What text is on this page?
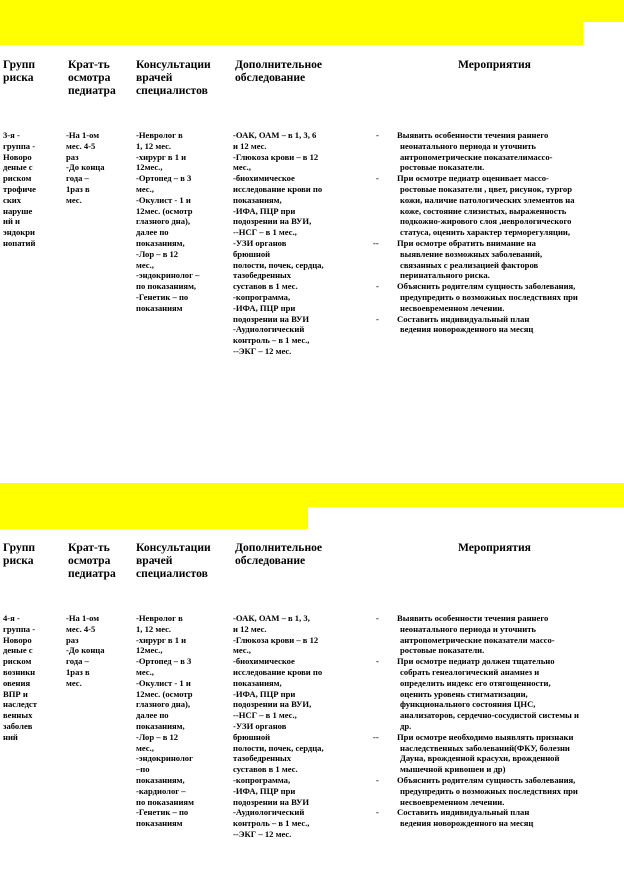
Групп
риска
Крат-ть
осмотра
педиатра
Консультации
врачей
специалистов
Дополнительное
обследование
Мероприятия
3-я -
группа -
Новоро
деные с
риском
трофиче
ских
наруше
ий и
эндокри
нопатий
-На 1-ом
мес. 4-5
раз
-До конца
года –
1раз в
мес.
-Невролог в
1, 12 мес.
-хирург в 1 и
12мес.,
-Ортопед – в 3
мес.,
-Окулист - 1 и
12мес. (осмотр
глазного дна),
далее по
показаниям,
-Лор – в 12
мес.,
-эндокринолог –
по показаниям,
-Генетик – по
показаниям
-ОАК, ОАМ – в 1, 3, 6
и 12 мес.
-Глюкоза крови – в 12
мес.,
-биохимическое
исследование крови по
показаниям,
-ИФА, ПЦР при
подозрении на ВУИ,
--НСГ – в 1 мес.,
-УЗИ органов
брюшной
полости, почек, сердца,
тазобедренных
суставов в 1 мес.
-копрограмма,
-ИФА, ПЦР при
подозрении на ВУИ
-Аудиологический
контроль – в 1 мес.,
--ЭКГ – 12 мес.
Групп
риска
Крат-ть
осмотра
педиатра
Консультации
врачей
специалистов
Дополнительное
обследование
Мероприятия
4-я -
группа -
Новоро
деные с
риском
возникн
овения
ВПР и
наследст
венных
заболев
ний
-На 1-ом
мес. 4-5
раз
-До конца
года –
1раз в
мес.
-Невролог в
1, 12 мес.
-хирург в 1 и
12мес.,
-Ортопед – в 3
мес.,
-Окулист - 1 и
12мес. (осмотр
глазного дна),
далее по
показаниям,
-Лор – в 12
мес.,
-эндокринолог
–по
показаниям,
-кардиолог –
по показаниям
-Генетик – по
показаниям
-ОАК, ОАМ – в 1, 3,
и 12 мес.
-Глюкоза крови – в 12
мес.,
-биохимическое
исследование крови по
показаниям,
-ИФА, ПЦР при
подозрении на ВУИ,
--НСГ – в 1 мес.,
-УЗИ органов
брюшной
полости, почек, сердца,
тазобедренных
суставов в 1 мес.
-копрограмма,
-ИФА, ПЦР при
подозрении на ВУИ
-Аудиологический
контроль – в 1 мес.,
--ЭКГ – 12 мес.
- Выявить особенности течения раннего
неонатального периода и уточнить
антропометрические показателимассо-
ростовые показатели.
- При осмотре педиатр оценивает массо-
ростовые показатели , цвет, рисунок, тургор
кожи, наличие патологических элементов на
коже, состояние слизистых, выраженность
подкожно-жирового слоя ,неврологического
статуса, оценить характер терморегуляции,
-- При осмотре обратить внимание на
выявление возможных заболеваний,
связанных с реализацией факторов
перинатального риска.
- Объяснить родителям сущность заболевания,
предупредить о возможных последствиях при
несвоевременном лечении.
- Составить индивидуальный план
ведения новорожденного на месяц
- Выявить особенности течения раннего
неонатального периода и уточнить
антропометрические показатели массо-
ростовые показатели.
- При осмотре педиатр должен тщательно
собрать генеалогический анамнез и
определить индекс его отягощенности,
оценить уровень стигматизации,
функционального состояния ЦНС,
анализаторов, сердечно-сосудистой системы и
др.
-- При осмотре необходимо выявлять признаки
наследственных заболеваний(ФКУ, болезни
Дауна, врожденной красухи, врожденной
мышечной кривошеи и др)
- Объяснить родителям сущность заболевания,
предупредить о возможных последствиях при
несвоевременном лечении.
- Составить индивидуальный план
ведения новорожденного на месяц
